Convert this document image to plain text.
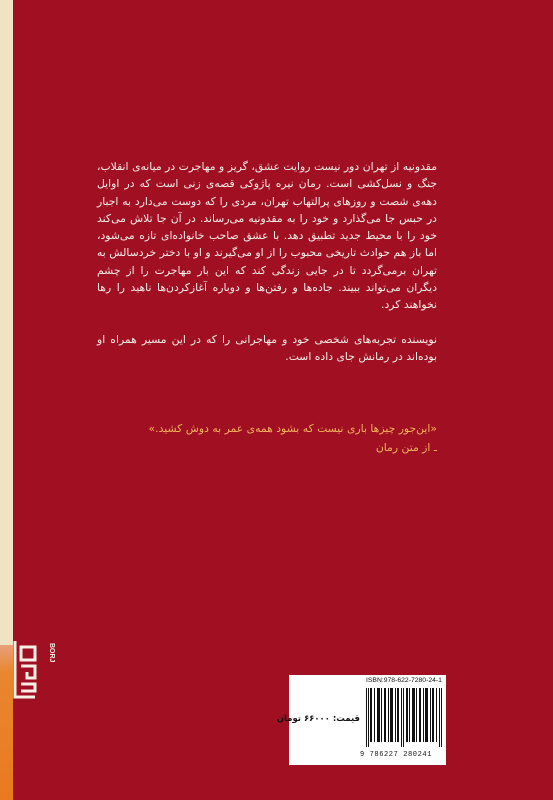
مقدونیه از تهران دور نیست روایت عشق، گریز و مهاجرت در میانه‌ی انقلاب، جنگ و نسل‌کشی است. رمان نیره پاژوکی قصه‌ی زنی است که در اوایل دهه‌ی شصت و روزهای پرالتهاب تهران، مردی را که دوست می‌دارد به اجبار در حبس جا می‌گذارد و خود را به مقدونیه می‌رساند. در آن جا تلاش می‌کند خود را با محیط جدید تطبیق دهد. با عشق صاحب خانواده‌ای تازه می‌شود، اما باز هم حوادث تاریخی محبوب را از او می‌گیرند و او با دختر خردسالش به تهران برمی‌گردد تا در جایی زندگی کند که این بار مهاجرت را از چشم دیگران می‌تواند ببیند. جاده‌ها و رفتن‌ها و دوباره آغازکردن‌ها ناهید را رها نخواهند کرد.

نویسنده تجربه‌های شخصی خود و مهاجرانی را که در این مسیر همراه او بوده‌اند در رمانش جای داده است.

«این‌جور چیزها باری نیست که بشود همه‌ی عمر به دوش کشید.»
ـ از متن رمان
BORJ
ISBN:978-622-7280-24-1
9 786227 280241
قیمت: ۶۶۰۰۰ تومان
